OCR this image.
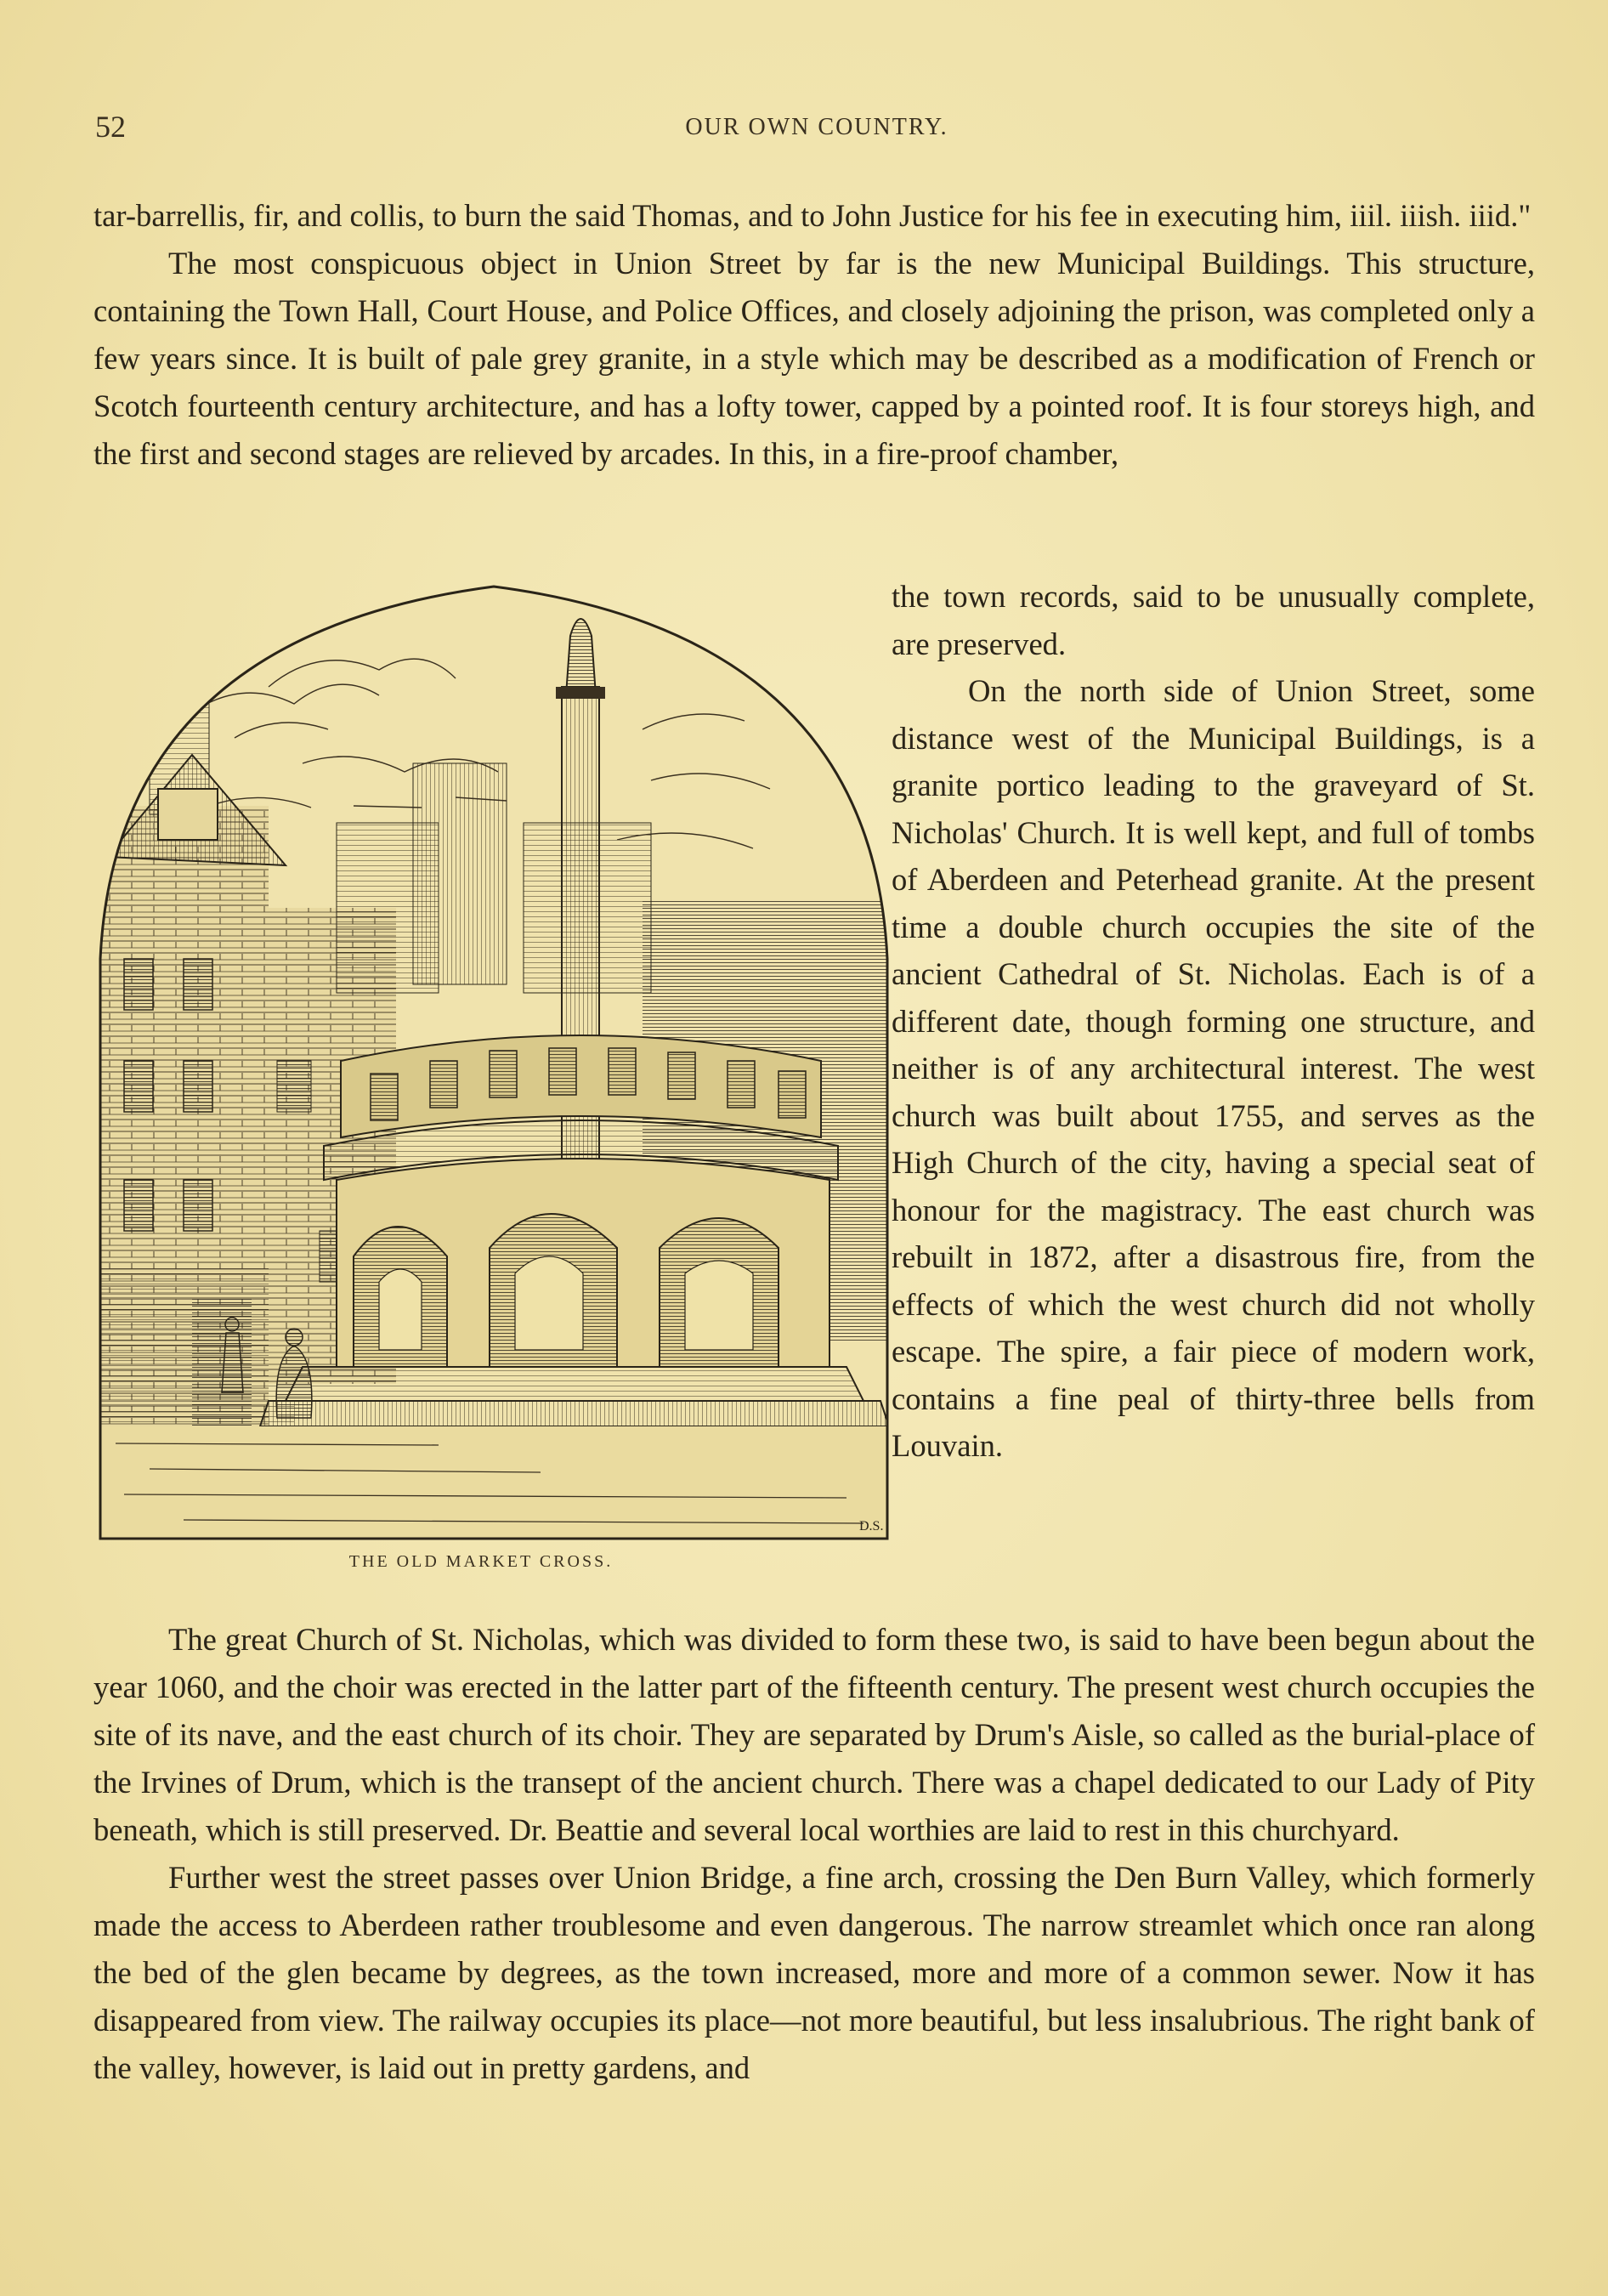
52	OUR OWN COUNTRY.

tar-barrellis, fir, and collis, to burn the said Thomas, and to John Justice for his fee in executing him, iiil. iiish. iiid."

The most conspicuous object in Union Street by far is the new Municipal Buildings. This structure, containing the Town Hall, Court House, and Police Offices, and closely adjoining the prison, was completed only a few years since. It is built of pale grey granite, in a style which may be described as a modification of French or Scotch fourteenth century architecture, and has a lofty tower, capped by a pointed roof. It is four storeys high, and the first and second stages are relieved by arcades. In this, in a fire-proof chamber,

D.S.
THE OLD MARKET CROSS.

the town records, said to be unusually complete, are preserved.

On the north side of Union Street, some distance west of the Municipal Buildings, is a granite portico leading to the graveyard of St. Nicholas' Church. It is well kept, and full of tombs of Aberdeen and Peterhead granite. At the present time a double church occupies the site of the ancient Cathedral of St. Nicholas. Each is of a different date, though forming one structure, and neither is of any architectural interest. The west church was built about 1755, and serves as the High Church of the city, having a special seat of honour for the magistracy. The east church was rebuilt in 1872, after a disastrous fire, from the effects of which the west church did not wholly escape. The spire, a fair piece of modern work, contains a fine peal of thirty-three bells from Louvain.

The great Church of St. Nicholas, which was divided to form these two, is said to have been begun about the year 1060, and the choir was erected in the latter part of the fifteenth century. The present west church occupies the site of its nave, and the east church of its choir. They are separated by Drum's Aisle, so called as the burial-place of the Irvines of Drum, which is the transept of the ancient church. There was a chapel dedicated to our Lady of Pity beneath, which is still preserved. Dr. Beattie and several local worthies are laid to rest in this churchyard.

Further west the street passes over Union Bridge, a fine arch, crossing the Den Burn Valley, which formerly made the access to Aberdeen rather troublesome and even dangerous. The narrow streamlet which once ran along the bed of the glen became by degrees, as the town increased, more and more of a common sewer. Now it has disappeared from view. The railway occupies its place—not more beautiful, but less insalubrious. The right bank of the valley, however, is laid out in pretty gardens, and
